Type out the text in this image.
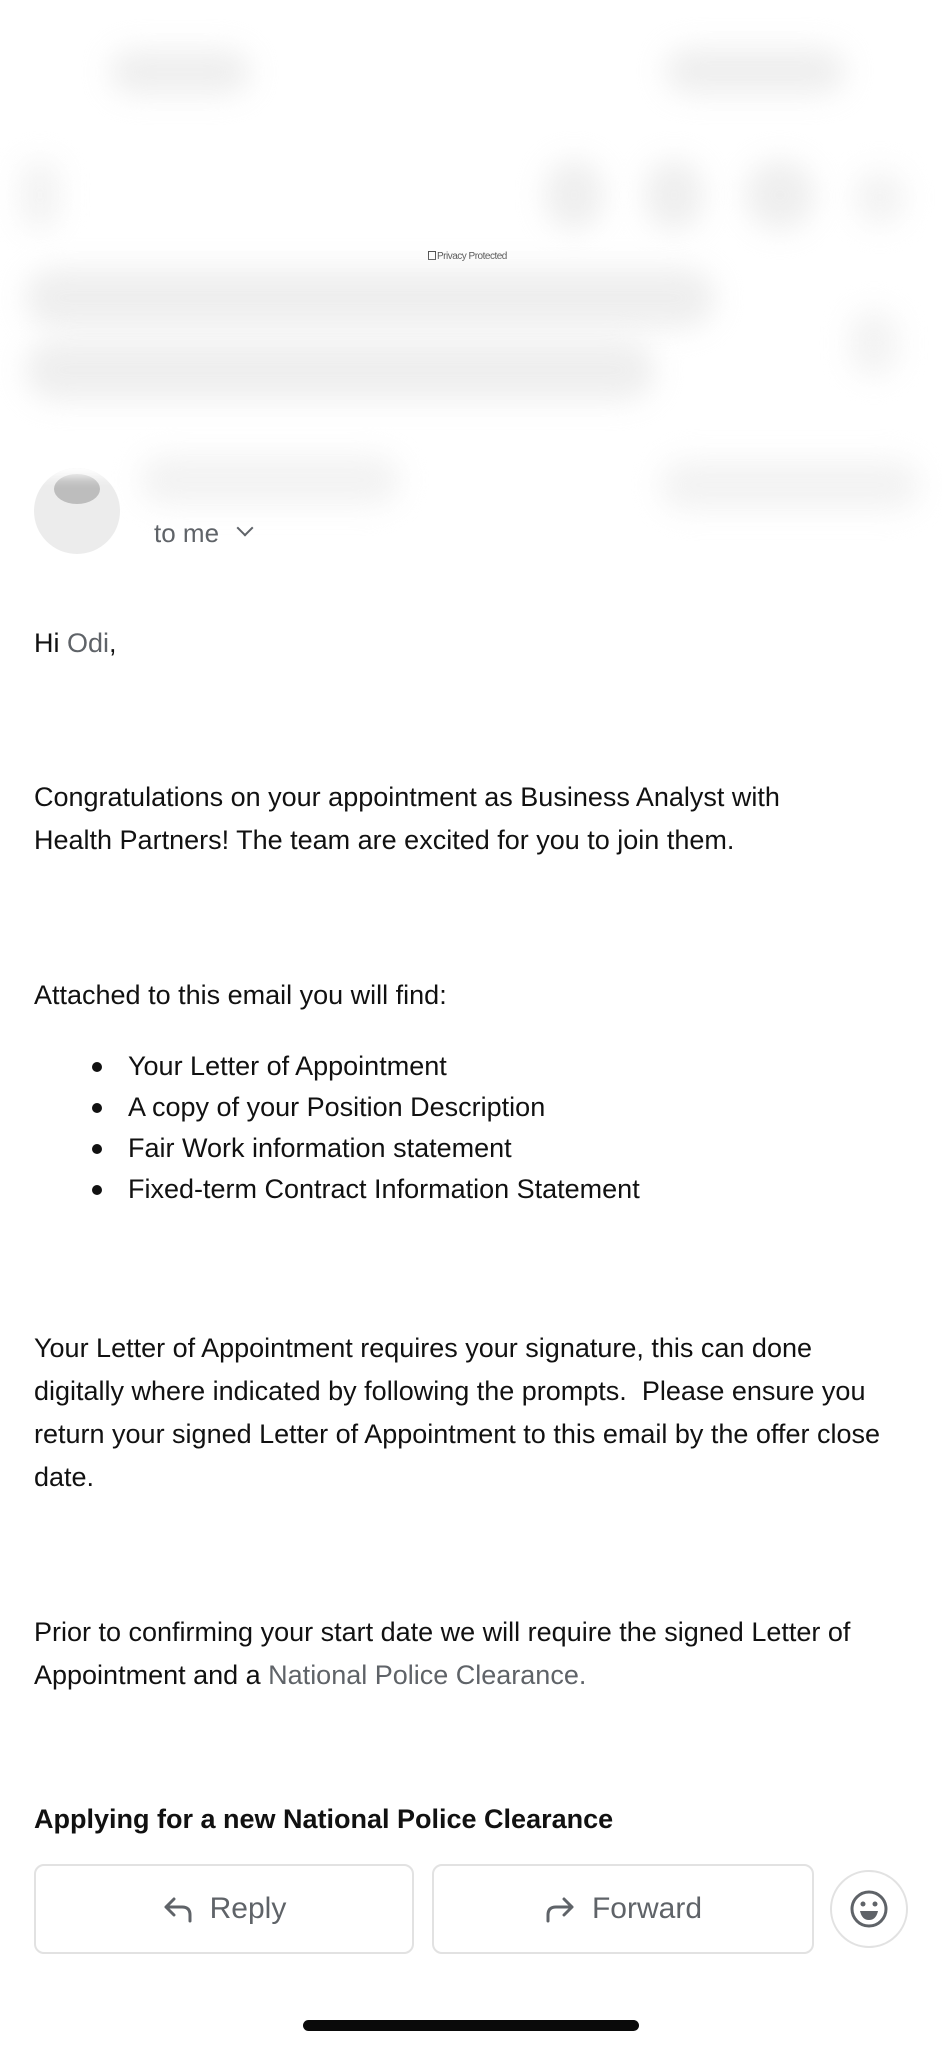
Privacy Protected
to me
Hi Odi,
Congratulations on your appointment as Business Analyst with Health Partners! The team are excited for you to join them.
Attached to this email you will find:
Your Letter of Appointment
A copy of your Position Description
Fair Work information statement
Fixed-term Contract Information Statement
Your Letter of Appointment requires your signature, this can done digitally where indicated by following the prompts.  Please ensure you return your signed Letter of Appointment to this email by the offer close date.
Prior to confirming your start date we will require the signed Letter of Appointment and a National Police Clearance.
Applying for a new National Police Clearance
Reply	Forward
